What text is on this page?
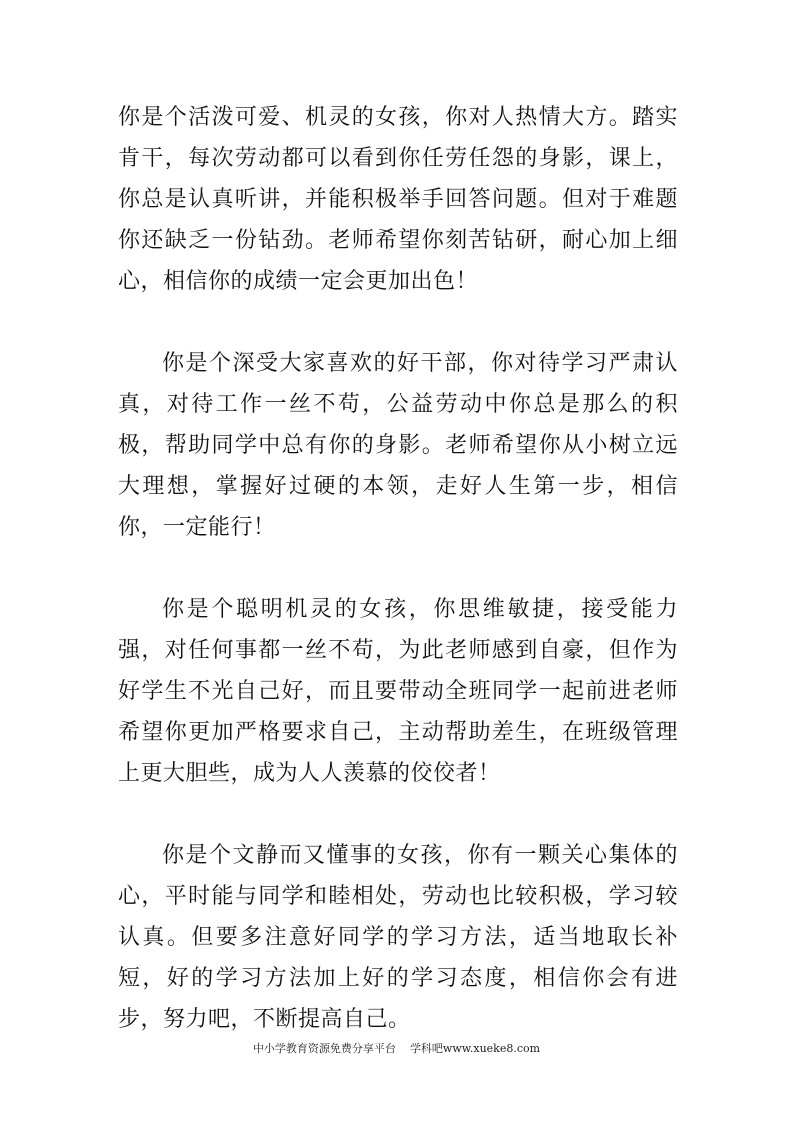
你是个活泼可爱、机灵的女孩，你对人热情大方。踏实肯干，每次劳动都可以看到你任劳任怨的身影，课上，你总是认真听讲，并能积极举手回答问题。但对于难题你还缺乏一份钻劲。老师希望你刻苦钻研，耐心加上细心，相信你的成绩一定会更加出色！

你是个深受大家喜欢的好干部，你对待学习严肃认真，对待工作一丝不苟，公益劳动中你总是那么的积极，帮助同学中总有你的身影。老师希望你从小树立远大理想，掌握好过硬的本领，走好人生第一步，相信你，一定能行！

你是个聪明机灵的女孩，你思维敏捷，接受能力强，对任何事都一丝不苟，为此老师感到自豪，但作为好学生不光自己好，而且要带动全班同学一起前进老师希望你更加严格要求自己，主动帮助差生，在班级管理上更大胆些，成为人人羡慕的佼佼者！

你是个文静而又懂事的女孩，你有一颗关心集体的心，平时能与同学和睦相处，劳动也比较积极，学习较认真。但要多注意好同学的学习方法，适当地取长补短，好的学习方法加上好的学习态度，相信你会有进步，努力吧，不断提高自己。

中小学教育资源免费分享平台 学科吧www.xueke8.com
